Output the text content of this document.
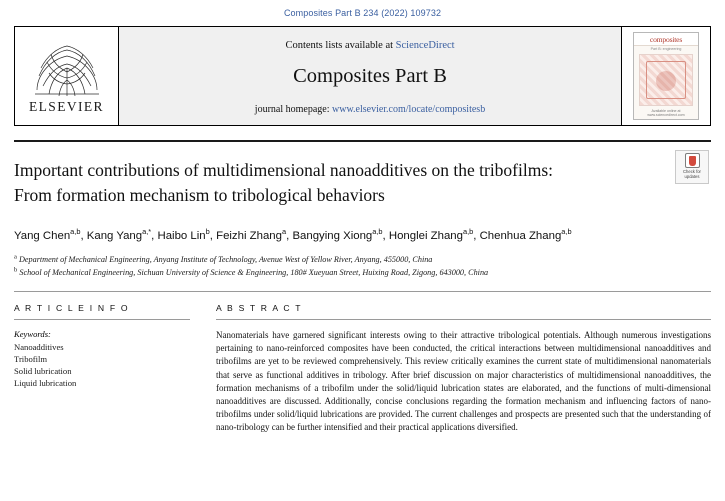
Composites Part B 234 (2022) 109732
ELSEVIER
Contents lists available at ScienceDirect
Composites Part B
journal homepage: www.elsevier.com/locate/compositesb
composites
Part B: engineering
Available online at www.sciencedirect.com
Check for
updates
Important contributions of multidimensional nanoadditives on the tribofilms: From formation mechanism to tribological behaviors
Yang Chen$^{a,b}$, Kang Yang$^{a,*}$, Haibo Lin$^b$, Feizhi Zhang$^a$, Bangying Xiong$^{a,b}$, Honglei Zhang$^{a,b}$, Chenhua Zhang$^{a,b}$
$^a$ Department of Mechanical Engineering, Anyang Institute of Technology, Avenue West of Yellow River, Anyang, 455000, China
$^b$ School of Mechanical Engineering, Sichuan University of Science & Engineering, 180# Xueyuan Street, Huixing Road, Zigong, 643000, China
A R T I C L E I N F O
Keywords:
Nanoadditives
Tribofilm
Solid lubrication
Liquid lubrication
A B S T R A C T
Nanomaterials have garnered significant interests owing to their attractive tribological potentials. Although numerous investigations pertaining to nano-reinforced composites have been conducted, the critical interactions between multidimensional nanoadditives and tribofilms are yet to be reviewed comprehensively. This review critically examines the current state of multidimensional nanomaterials that serve as functional additives in tribology. After brief discussion on major characteristics of multidimensional nanoadditives, the formation mechanisms of a tribofilm under the solid/liquid lubrication states are elaborated, and the functions of multi-dimensional nanoadditives are discussed. Additionally, concise conclusions regarding the formation mechanism and influencing factors of nano-tribofilms under solid/liquid lubrications are provided. The current challenges and prospects are presented such that the understanding of nano-tribology can be further intensified and their practical applications diversified.
